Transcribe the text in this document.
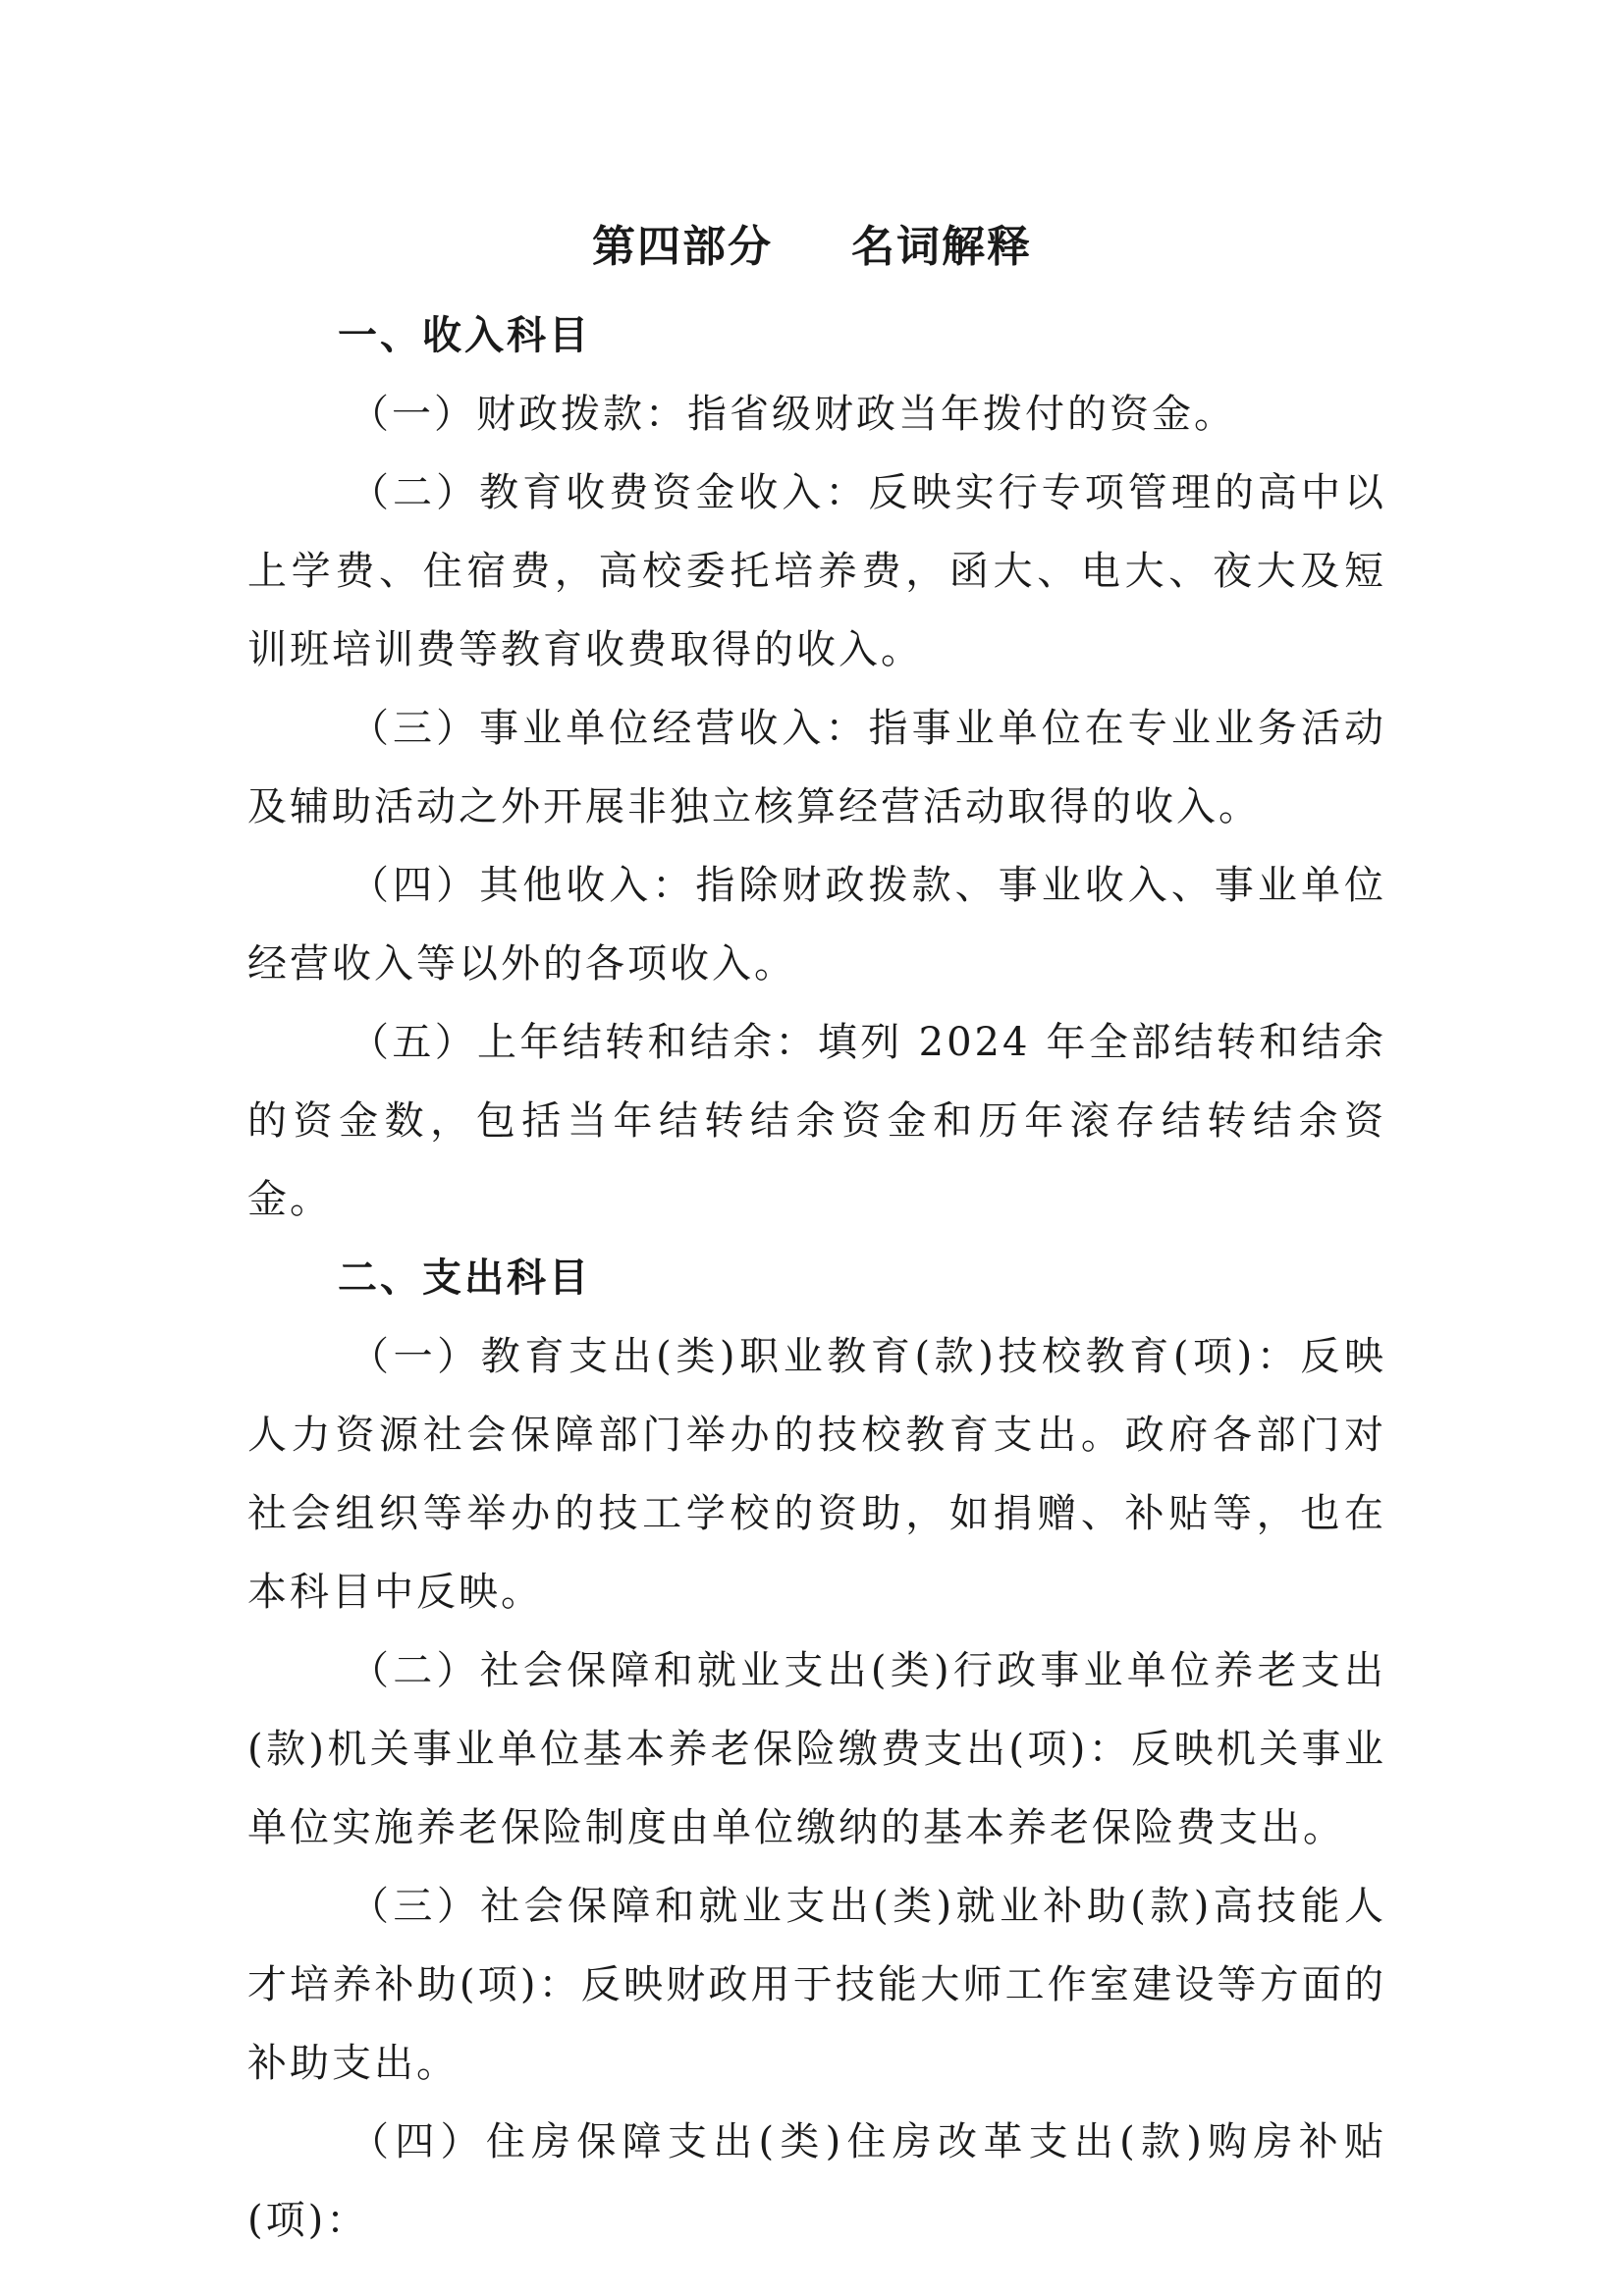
第四部分 名词解释

一、收入科目

（一）财政拨款：指省级财政当年拨付的资金。

（二）教育收费资金收入：反映实行专项管理的高中以上学费、住宿费，高校委托培养费，函大、电大、夜大及短训班培训费等教育收费取得的收入。

（三）事业单位经营收入：指事业单位在专业业务活动及辅助活动之外开展非独立核算经营活动取得的收入。

（四）其他收入：指除财政拨款、事业收入、事业单位经营收入等以外的各项收入。

（五）上年结转和结余：填列 2024 年全部结转和结余的资金数，包括当年结转结余资金和历年滚存结转结余资金。

二、支出科目

（一）教育支出(类)职业教育(款)技校教育(项)：反映人力资源社会保障部门举办的技校教育支出。政府各部门对社会组织等举办的技工学校的资助，如捐赠、补贴等，也在本科目中反映。

（二）社会保障和就业支出(类)行政事业单位养老支出(款)机关事业单位基本养老保险缴费支出(项)：反映机关事业单位实施养老保险制度由单位缴纳的基本养老保险费支出。

（三）社会保障和就业支出(类)就业补助(款)高技能人才培养补助(项)：反映财政用于技能大师工作室建设等方面的补助支出。

（四）住房保障支出(类)住房改革支出(款)购房补贴(项)：
